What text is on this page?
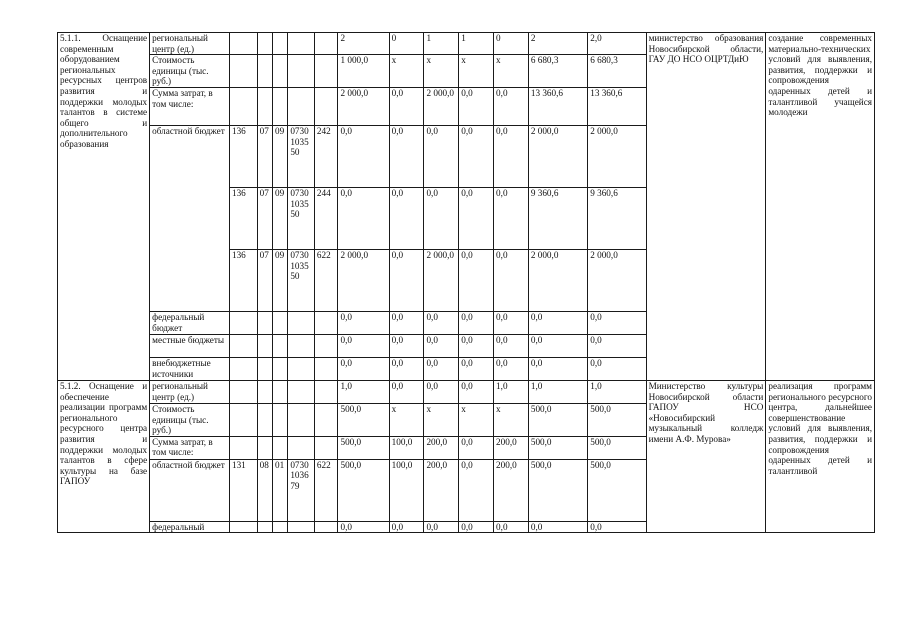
5.1.1. Оснащение современным оборудованием региональных ресурсных центров развития и поддержки молодых талантов в системе общего и дополнительного образования	региональный центр (ед.)						2	0	1	1	0	2	2,0	министерство образования Новосибирской области, ГАУ ДО НСО ОЦРТДиЮ	создание современных материально-технических условий для выявления, развития, поддержки и сопровождения одаренных детей и талантливой учащейся молодежи
	Стоимость единицы (тыс. руб.)						1 000,0	х	х	х	х	6 680,3	6 680,3		
	Сумма затрат, в том числе:						2 000,0	0,0	2 000,0	0,0	0,0	13 360,6	13 360,6		
	областной бюджет	136	07	09	0730103550	242	0,0	0,0	0,0	0,0	0,0	2 000,0	2 000,0		
		136	07	09	0730103550	244	0,0	0,0	0,0	0,0	0,0	9 360,6	9 360,6		
		136	07	09	0730103550	622	2 000,0	0,0	2 000,0	0,0	0,0	2 000,0	2 000,0		
	федеральный бюджет						0,0	0,0	0,0	0,0	0,0	0,0	0,0		
	местные бюджеты						0,0	0,0	0,0	0,0	0,0	0,0	0,0		
	внебюджетные источники						0,0	0,0	0,0	0,0	0,0	0,0	0,0		
5.1.2. Оснащение и обеспечение реализации программ регионального ресурсного центра развития и поддержки молодых талантов в сфере культуры на базе ГАПОУ	региональный центр (ед.)						1,0	0,0	0,0	0,0	1,0	1,0	1,0	Министерство культуры Новосибирской области ГАПОУ НСО «Новосибирский музыкальный колледж имени А.Ф. Мурова»	реализация программ регионального ресурсного центра, дальнейшее совершенствование условий для выявления, развития, поддержки и сопровождения одаренных детей и талантливой
	Стоимость единицы (тыс. руб.)						500,0	х	х	х	х	500,0	500,0		
	Сумма затрат, в том числе:						500,0	100,0	200,0	0,0	200,0	500,0	500,0		
	областной бюджет	131	08	01	0730103679	622	500,0	100,0	200,0	0,0	200,0	500,0	500,0		
	федеральный						0,0	0,0	0,0	0,0	0,0	0,0	0,0		
